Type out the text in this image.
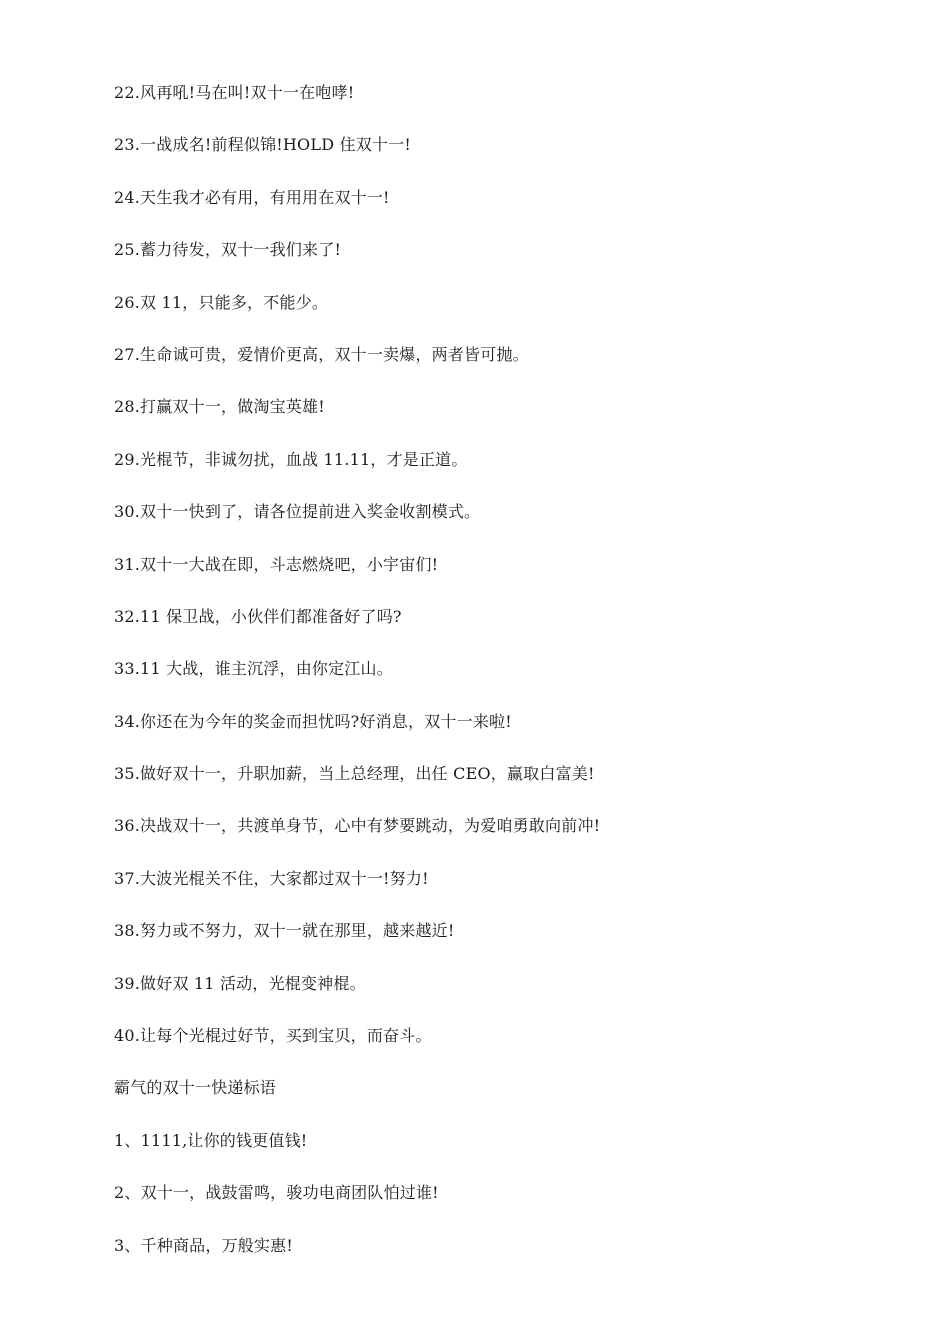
22.风再吼!马在叫!双十一在咆哮!
23.一战成名!前程似锦!HOLD 住双十一!
24.天生我才必有用，有用用在双十一!
25.蓄力待发，双十一我们来了!
26.双 11，只能多，不能少。
27.生命诚可贵，爱情价更高，双十一卖爆，两者皆可抛。
28.打赢双十一，做淘宝英雄!
29.光棍节，非诚勿扰，血战 11.11，才是正道。
30.双十一快到了，请各位提前进入奖金收割模式。
31.双十一大战在即，斗志燃烧吧，小宇宙们!
32.11 保卫战，小伙伴们都准备好了吗?
33.11 大战，谁主沉浮，由你定江山。
34.你还在为今年的奖金而担忧吗?好消息，双十一来啦!
35.做好双十一，升职加薪，当上总经理，出任 CEO，赢取白富美!
36.决战双十一，共渡单身节，心中有梦要跳动，为爱咱勇敢向前冲!
37.大波光棍关不住，大家都过双十一!努力!
38.努力或不努力，双十一就在那里，越来越近!
39.做好双 11 活动，光棍变神棍。
40.让每个光棍过好节，买到宝贝，而奋斗。
霸气的双十一快递标语
1、1111,让你的钱更值钱!
2、双十一，战鼓雷鸣，骏功电商团队怕过谁!
3、千种商品，万般实惠!
